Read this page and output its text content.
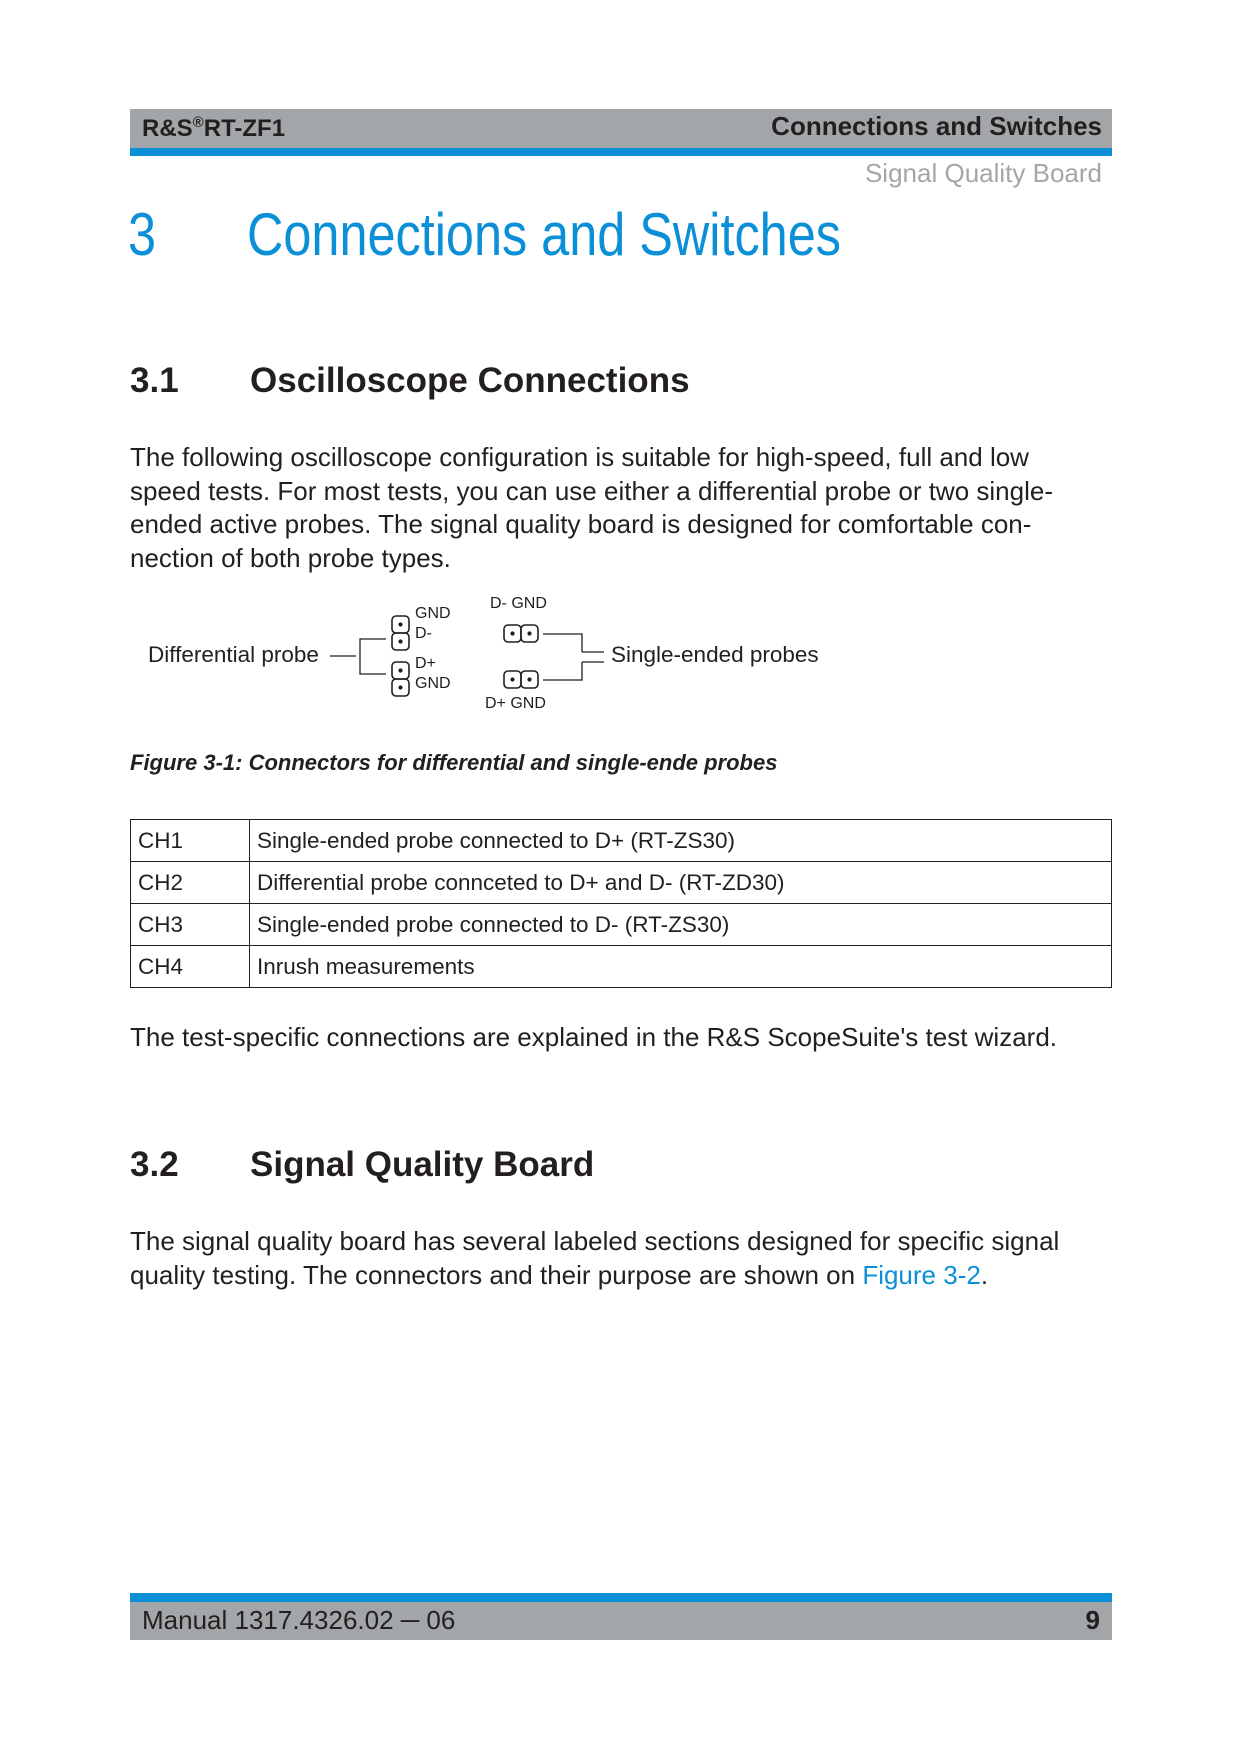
R&S®RT-ZF1	Connections and Switches
Signal Quality Board
3 Connections and Switches
3.1 Oscilloscope Connections
The following oscilloscope configuration is suitable for high-speed, full and low
speed tests. For most tests, you can use either a differential probe or two single-
ended active probes. The signal quality board is designed for comfortable con-
nection of both probe types.
Differential probe
GND
D-
D+
GND
D- GND
D+ GND
Single-ended probes
Figure 3-1: Connectors for differential and single-ende probes
CH1	Single-ended probe connected to D+ (RT-ZS30)
CH2	Differential probe connceted to D+ and D- (RT-ZD30)
CH3	Single-ended probe connected to D- (RT-ZS30)
CH4	Inrush measurements
The test-specific connections are explained in the R&S ScopeSuite's test wizard.
3.2 Signal Quality Board
The signal quality board has several labeled sections designed for specific signal
quality testing. The connectors and their purpose are shown on Figure 3-2.
Manual 1317.4326.02 ─ 06	9
